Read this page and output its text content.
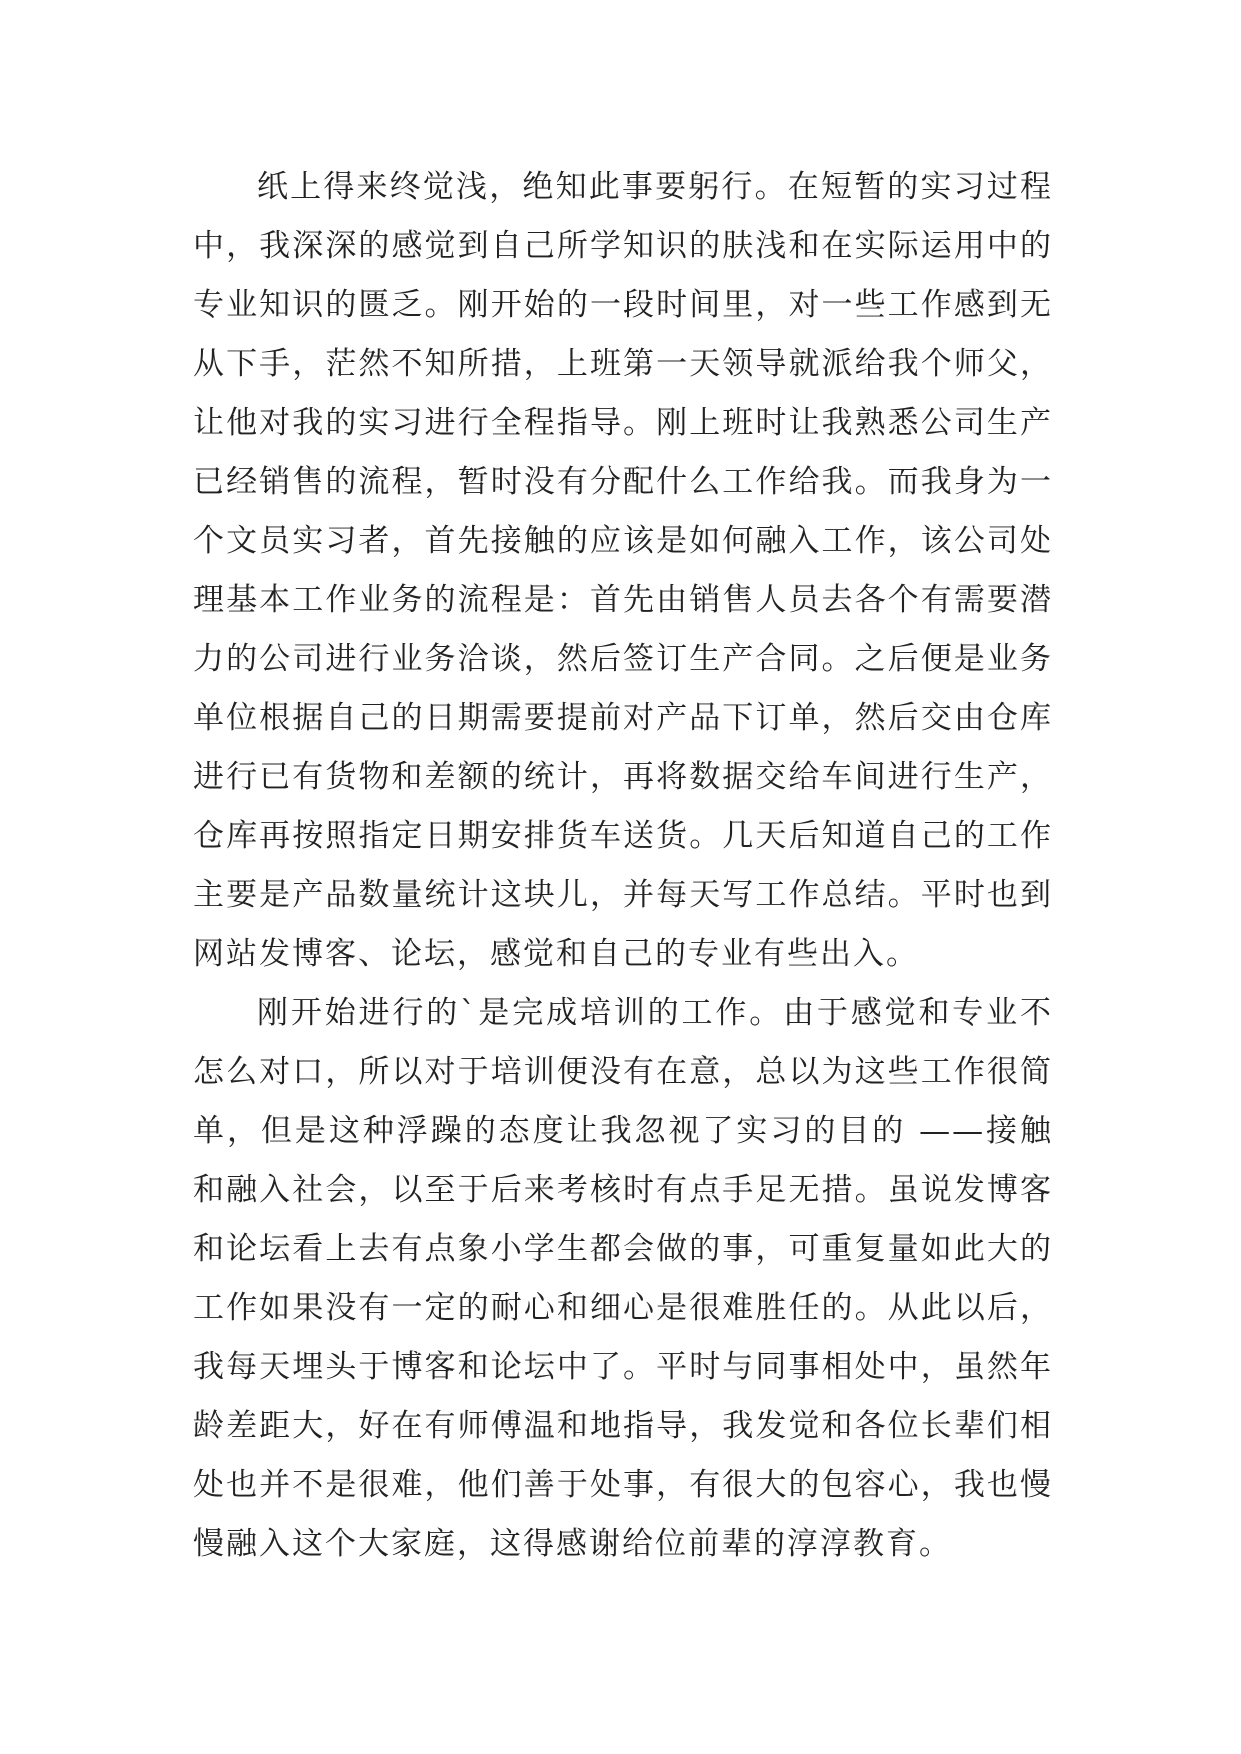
纸上得来终觉浅，绝知此事要躬行。在短暂的实习过程
中，我深深的感觉到自己所学知识的肤浅和在实际运用中的
专业知识的匮乏。刚开始的一段时间里，对一些工作感到无
从下手，茫然不知所措，上班第一天领导就派给我个师父，
让他对我的实习进行全程指导。刚上班时让我熟悉公司生产
已经销售的流程，暂时没有分配什么工作给我。而我身为一
个文员实习者，首先接触的应该是如何融入工作，该公司处
理基本工作业务的流程是：首先由销售人员去各个有需要潜
力的公司进行业务洽谈，然后签订生产合同。之后便是业务
单位根据自己的日期需要提前对产品下订单，然后交由仓库
进行已有货物和差额的统计，再将数据交给车间进行生产，
仓库再按照指定日期安排货车送货。几天后知道自己的工作
主要是产品数量统计这块儿，并每天写工作总结。平时也到
网站发博客、论坛，感觉和自己的专业有些出入。
刚开始进行的`是完成培训的工作。由于感觉和专业不
怎么对口，所以对于培训便没有在意，总以为这些工作很简
单，但是这种浮躁的态度让我忽视了实习的目的 ——接触
和融入社会，以至于后来考核时有点手足无措。虽说发博客
和论坛看上去有点象小学生都会做的事，可重复量如此大的
工作如果没有一定的耐心和细心是很难胜任的。从此以后，
我每天埋头于博客和论坛中了。平时与同事相处中，虽然年
龄差距大，好在有师傅温和地指导，我发觉和各位长辈们相
处也并不是很难，他们善于处事，有很大的包容心，我也慢
慢融入这个大家庭，这得感谢给位前辈的淳淳教育。
